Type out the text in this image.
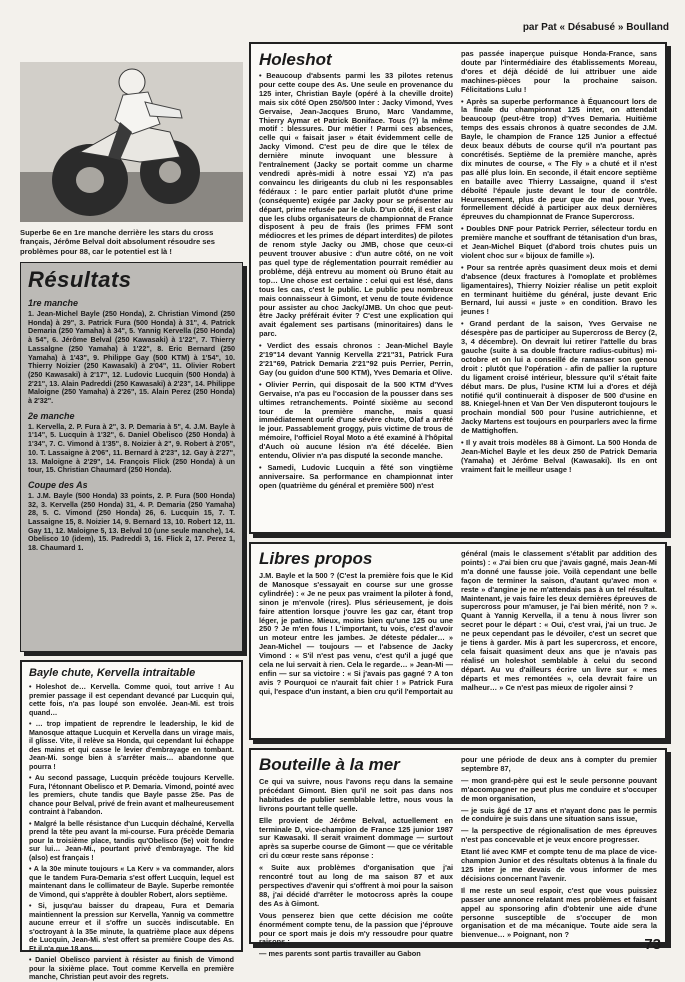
par Pat « Désabusé » Boulland
Superbe 6e en 1re manche derrière les stars du cross français, Jérôme Belval doit absolument résoudre ses problèmes pour 88, car le potentiel est là !
Résultats
1re manche
1. Jean-Michel Bayle (250 Honda), 2. Christian Vimond (250 Honda) à 29", 3. Patrick Fura (500 Honda) à 31", 4. Patrick Demaria (250 Yamaha) à 34", 5. Yannig Kervella (250 Honda) à 54", 6. Jérôme Belval (250 Kawasaki) à 1'22", 7. Thierry Lassalgne (250 Yamaha) à 1'22", 8. Eric Bernard (250 Yamaha) à 1'43", 9. Philippe Gay (500 KTM) à 1'54", 10. Thierry Noizier (250 Kawasaki) à 2'04", 11. Olivier Robert (250 Kawasaki) à 2'17", 12. Ludovic Lucquin (500 Honda) à 2'21", 13. Alain Padreddi (250 Kawasaki) à 2'23", 14. Philippe Maloigne (250 Yamaha) à 2'26", 15. Alain Perez (250 Honda) à 2'32".
2e manche
1. Kervella, 2. P. Fura à 2", 3. P. Demaria à 5", 4. J.M. Bayle à 1'14", 5. Lucquin à 1'32", 6. Daniel Obelisco (250 Honda) à 1'34", 7. C. Vimond à 1'35", 8. Noizier à 2", 9. Robert à 2'05", 10. T. Lassaigne à 2'06", 11. Bernard à 2'23", 12. Gay à 2'27", 13. Maloigne à 2'29", 14. François Flick (250 Honda) à un tour, 15. Christian Chaumard (250 Honda).
Coupe des As
1. J.M. Bayle (500 Honda) 33 points, 2. P. Fura (500 Honda) 32, 3. Kervella (250 Honda) 31, 4. P. Demaria (250 Yamaha) 28, 5. C. Vimond (250 Honda) 26, 6. Lucquin 15, 7. T. Lassaigne 15, 8. Noizier 14, 9. Bernard 13, 10. Robert 12, 11. Gay 11, 12. Maloigne 5, 13. Belval 10 (une seule manche), 14. Obelisco 10 (idem), 15. Padreddi 3, 16. Flick 2, 17. Perez 1, 18. Chaumard 1.
Bayle chute, Kervella intraitable

• Holeshot de… Kervella. Comme quoi, tout arrive ! Au premier passage il est cependant devancé par Lucquin qui, cette fois, n'a pas loupé son envolée. Jean-Mi. est trois quand…

• … trop impatient de reprendre le leadership, le kid de Manosque attaque Lucquin et Kervella dans un virage mais, il glisse. Vite, il relève sa Honda, qui cependant lui échappe des mains et qui casse le levier d'embrayage en tombant. Jean-Mi. songe bien à s'arrêter mais… abandonne que pourra !

• Au second passage, Lucquin précède toujours Kervelle. Fura, l'étonnant Obelisco et P. Demaria. Vimond, pointé avec les premiers, chute tandis que Bayle passe 25e. Pas de chance pour Belval, privé de frein avant et malheureusement contraint à l'abandon.

• Malgré la belle résistance d'un Lucquin déchaîné, Kervella prend la tête peu avant la mi-course. Fura précède Demaria pour la troisième place, tandis qu'Obelisco (5e) voit fondre sur lui… Jean-Mi., pourtant privé d'embrayage. The kid (also) est français !

• A la 30e minute toujours « La Kerv » va commander, alors que le tandem Fura-Demaria s'est offert Lucquin, lequel est maintenant dans le collimateur de Bayle. Superbe remontée de Vimond, qui s'apprête à doubler Robert, alors septième.

• Si, jusqu'au baisser du drapeau, Fura et Demaria maintiennent la pression sur Kervella, Yannig va commettre aucune erreur et il s'offre un succès indiscutable. En s'octroyant à la 35e minute, la quatrième place aux dépens de Lucquin, Jean-Mi. s'est offert sa première Coupe des As. Et il n'a que 18 ans…

• Daniel Obelisco parvient à résister au finish de Vimond pour la sixième place. Tout comme Kervella en première manche, Christian peut avoir des regrets.

Holeshot

• Beaucoup d'absents parmi les 33 pilotes retenus pour cette coupe des As. Une seule en provenance du 125 inter, Christian Bayle (opéré à la cheville droite) mais six côté Open 250/500 Inter : Jacky Vimond, Yves Gervaise, Jean-Jacques Bruno, Marc Vandamme, Thierry Aymar et Patrick Boniface. Tous (?) la même motif : blessures. Dur métier ! Parmi ces absences, celle qui « faisait jaser » était évidemment celle de Jacky Vimond. C'est peu de dire que le télex de dernière minute invoquant une blessure à l'entraînement (Jacky se portait comme un charme vendredi après-midi à notre essai YZ) n'a pas convaincu les dirigeants du club ni les responsables fédéraux : le parc entier parlait plutôt d'une prime (conséquente) exigée par Jacky pour se présenter au départ, prime refusée par le club. D'un côté, il est clair que les clubs organisateurs de championnat de France disposent à peu de frais (les primes FFM sont médiocres et les primes de départ interdites) de pilotes de renom style Jacky ou JMB, chose que ceux-ci peuvent trouver abusive : d'un autre côté, on ne voit pas quel type de réglementation pourrait remédier au problème, déjà entrevu au moment où Bruno était au top… Une chose est certaine : celui qui est lésé, dans tous les cas, c'est le public. Le public peu nombreux mais connaisseur à Gimont, et venu de toute évidence pour assister au choc Jacky/JMB. Un choc que peut-être Jacky préférait éviter ? C'est une explication qui avait également ses partisans (minoritaires) dans le parc.

• Verdict des essais chronos : Jean-Michel Bayle 2'19"14 devant Yannig Kervella 2'21"31, Patrick Fura 2'21"69, Patrick Demaria 2'21"92 puis Perrier, Perrin, Gay (ou guidon d'une 500 KTM), Yves Demaria et Olive.

• Olivier Perrin, qui disposait de la 500 KTM d'Yves Gervaise, n'a pas eu l'occasion de la pousser dans ses ultimes retranchements. Pointé sixième au second tour de la première manche, mais quasi immédiatement ourlé d'une sévère chute, Olaf a arrêté le jour. Passablement groggy, puis victime de trous de mémoire, l'officiel Royal Moto a été examiné à l'hôpital d'Auch où aucune lésion n'a été décelée. Bien entendu, Olivier n'a pas disputé la seconde manche.

• Samedi, Ludovic Lucquin a fêté son vingtième anniversaire. Sa performance en championnat inter open (quatrième du général et première 500) n'est

pas passée inaperçue puisque Honda-France, sans doute par l'intermédiaire des établissements Moreau, d'ores et déjà décidé de lui attribuer une aide machines-pièces pour la prochaine saison. Félicitations Lulu !

• Après sa superbe performance à Équancourt lors de la finale du championnat 125 inter, on attendait beaucoup (peut-être trop) d'Yves Demaria. Huitième temps des essais chronos à quatre secondes de J.M. Bayle, le champion de France 125 Junior a effectué deux beaux débuts de course qu'il n'a pourtant pas concrétisés. Septième de la première manche, après dix minutes de course, « The Fly » a chuté et il n'est pas allé plus loin. En seconde, il était encore septième en bataille avec Thierry Lassaigne, quand il s'est déboîté l'épaule juste devant le tour de contrôle. Heureusement, plus de peur que de mal pour Yves, formellement décidé à participer aux deux dernières épreuves du championnat de France Supercross.

• Doubles DNF pour Patrick Perrier, sélecteur tordu en première manche et souffrant de tétanisation d'un bras, et Jean-Michel Biquet (d'abord trois chutes puis un violent choc sur « bijoux de famille »).

• Pour sa rentrée après quasiment deux mois et demi d'absence (deux fractures à l'omoplate et problèmes ligamentaires), Thierry Noizier réalise un petit exploit en terminant huitième du général, juste devant Eric Bernard, lui aussi « juste » en condition. Bravo les jeunes !

• Grand perdant de la saison, Yves Gervaise ne désespère pas de participer au Supercross de Bercy (2, 3, 4 décembre). On devrait lui retirer l'attelle du bras gauche (suite à sa double fracture radius-cubitus) mi-octobre et on lui a conseillé de ramasser son genou droit : plutôt que l'opération - afin de pallier la rupture du ligament croisé intérieur, blessure qu'il s'était faite début mars. De plus, l'usine KTM lui a d'ores et déjà notifié qu'il continuerait à disposer de 500 d'usine en 88. Kniegel-hnen et Van Der Ven disputeront toujours le prochain mondial 500 pour l'usine autrichienne, et Jacky Martens est toujours en pourparlers avec la firme de Mattighoffen.

• Il y avait trois modèles 88 à Gimont. La 500 Honda de Jean-Michel Bayle et les deux 250 de Patrick Demaria (Yamaha) et Jérôme Belval (Kawasaki). Ils en ont vraiment fait le meilleur usage !

Libres propos

J.M. Bayle et la 500 ? (C'est la première fois que le Kid de Manosque s'essayait en course sur une grosse cylindrée) : « Je ne peux pas vraiment la piloter à fond, sinon je m'envole (rires). Plus sérieusement, je dois faire attention lorsque j'ouvre les gaz car, étant trop léger, je patine. Mieux, moins bien qu'une 125 ou une 250 ? Je m'en fous ! L'important, tu vois, c'est d'avoir un moteur entre les jambes. Je déteste pédaler… » Jean-Michel — toujours — et l'absence de Jacky Vimond : « S'il n'est pas venu, c'est qu'il a jugé que cela ne lui servait à rien. Cela le regarde… » Jean-Mi — enfin — sur sa victoire : « Si j'avais pas gagné ? A ton avis ? Pourquoi ce n'aurait fait chier ! » Patrick Fura qui, l'espace d'un instant, a bien cru qu'il l'emportait au

général (mais le classement s'établit par addition des points) : « J'ai bien cru que j'avais gagné, mais Jean-Mi m'a donné une fausse joie. Voilà cependant une belle façon de terminer la saison, d'autant qu'avec mon « reste » d'angine je ne m'attendais pas à un tel résultat. Maintenant, je vais faire les deux dernières épreuves de supercross pour m'amuser, je l'ai bien mérité, non ? ». Quant à Yannig Kervella, il a tenu à nous livrer son secret pour le départ : « Oui, c'est vrai, j'ai un truc. Je ne peux cependant pas le dévoiler, c'est un secret que je tiens à garder. Mis à part les supercross, et encore, cela faisait quasiment deux ans que je n'avais pas réalisé un holeshot semblable à celui du second départ. Au vu d'ailleurs écrire un livre sur « mes départs et mes remontées », cela devrait faire un malheur… » Ce n'est pas mieux de rigoler ainsi ?

Bouteille à la mer

Ce qui va suivre, nous l'avons reçu dans la semaine précédant Gimont. Bien qu'il ne soit pas dans nos habitudes de publier semblable lettre, nous vous la livrons pourtant telle quelle.

Elle provient de Jérôme Belval, actuellement en terminale D, vice-champion de France 125 junior 1987 sur Kawasaki. Il serait vraiment dommage — surtout après sa superbe course de Gimont — que ce véritable cri du cœur reste sans réponse :

« Suite aux problèmes d'organisation que j'ai rencontré tout au long de ma saison 87 et aux perspectives d'avenir qui s'offrent à moi pour la saison 88, j'ai décidé d'arrêter le motocross après la coupe des As à Gimont.

Vous penserez bien que cette décision me coûte énormément compte tenu, de la passion que j'éprouve pour ce sport mais je dois m'y ressoudre pour quatre raisons :

— mes parents sont partis travailler au Gabon

pour une période de deux ans à compter du premier septembre 87,

— mon grand-père qui est le seule personne pouvant m'accompagner ne peut plus me conduire et s'occuper de mon organisation,

— je suis âgé de 17 ans et n'ayant donc pas le permis de conduire je suis dans une situation sans issue,

— la perspective de régionalisation de mes épreuves n'est pas concevable et je veux encore progresser.

Etant lié avec KMF et compte tenu de ma place de vice-champion Junior et des résultats obtenus à la finale du 125 inter je me devais de vous informer de mes décisions concernant l'avenir.

Il me reste un seul espoir, c'est que vous puissiez passer une annonce relatant mes problèmes et faisant appel au sponsoring afin d'obtenir une aide d'une personne susceptible de s'occuper de mon organisation et de ma mécanique. Toute aide sera la bienvenue… » Poignant, non ?

73
